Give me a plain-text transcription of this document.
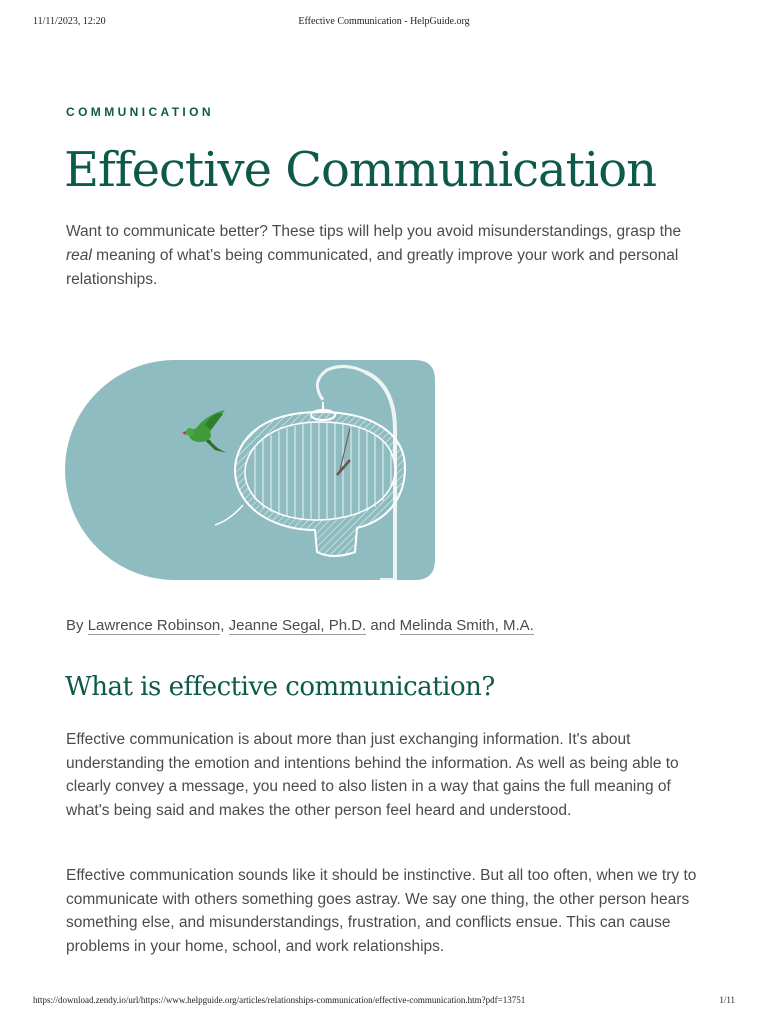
11/11/2023, 12:20	Effective Communication - HelpGuide.org
COMMUNICATION
Effective Communication

Want to communicate better? These tips will help you avoid misunderstandings, grasp the real meaning of what’s being communicated, and greatly improve your work and personal relationships.

By Lawrence Robinson, Jeanne Segal, Ph.D. and Melinda Smith, M.A.

What is effective communication?

Effective communication is about more than just exchanging information. It's about understanding the emotion and intentions behind the information. As well as being able to clearly convey a message, you need to also listen in a way that gains the full meaning of what's being said and makes the other person feel heard and understood.

Effective communication sounds like it should be instinctive. But all too often, when we try to communicate with others something goes astray. We say one thing, the other person hears something else, and misunderstandings, frustration, and conflicts ensue. This can cause problems in your home, school, and work relationships.

https://download.zendy.io/url/https://www.helpguide.org/articles/relationships-communication/effective-communication.htm?pdf=13751	1/11
